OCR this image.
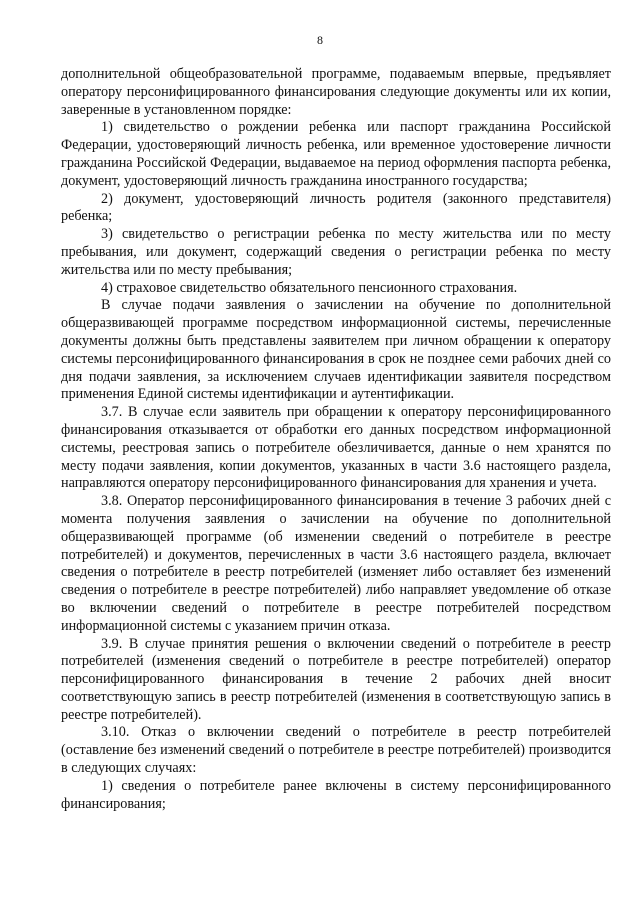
8

дополнительной общеобразовательной программе, подаваемым впервые, предъявляет оператору персонифицированного финансирования следующие документы или их копии, заверенные в установленном порядке:

1) свидетельство о рождении ребенка или паспорт гражданина Российской Федерации, удостоверяющий личность ребенка, или временное удостоверение личности гражданина Российской Федерации, выдаваемое на период оформления паспорта ребенка, документ, удостоверяющий личность гражданина иностранного государства;

2) документ, удостоверяющий личность родителя (законного представителя) ребенка;

3) свидетельство о регистрации ребенка по месту жительства или по месту пребывания, или документ, содержащий сведения о регистрации ребенка по месту жительства или по месту пребывания;

4) страховое свидетельство обязательного пенсионного страхования.

В случае подачи заявления о зачислении на обучение по дополнительной общеразвивающей программе посредством информационной системы, перечисленные документы должны быть представлены заявителем при личном обращении к оператору системы персонифицированного финансирования в срок не позднее семи рабочих дней со дня подачи заявления, за исключением случаев идентификации заявителя посредством применения Единой системы идентификации и аутентификации.

3.7. В случае если заявитель при обращении к оператору персонифицированного финансирования отказывается от обработки его данных посредством информационной системы, реестровая запись о потребителе обезличивается, данные о нем хранятся по месту подачи заявления, копии документов, указанных в части 3.6 настоящего раздела, направляются оператору персонифицированного финансирования для хранения и учета.

3.8. Оператор персонифицированного финансирования в течение 3 рабочих дней с момента получения заявления о зачислении на обучение по дополнительной общеразвивающей программе (об изменении сведений о потребителе в реестре потребителей) и документов, перечисленных в части 3.6 настоящего раздела, включает сведения о потребителе в реестр потребителей (изменяет либо оставляет без изменений сведения о потребителе в реестре потребителей) либо направляет уведомление об отказе во включении сведений о потребителе в реестре потребителей посредством информационной системы с указанием причин отказа.

3.9. В случае принятия решения о включении сведений о потребителе в реестр потребителей (изменения сведений о потребителе в реестре потребителей) оператор персонифицированного финансирования в течение 2 рабочих дней вносит соответствующую запись в реестр потребителей (изменения в соответствующую запись в реестре потребителей).

3.10. Отказ о включении сведений о потребителе в реестр потребителей (оставление без изменений сведений о потребителе в реестре потребителей) производится в следующих случаях:

1) сведения о потребителе ранее включены в систему персонифицированного финансирования;
